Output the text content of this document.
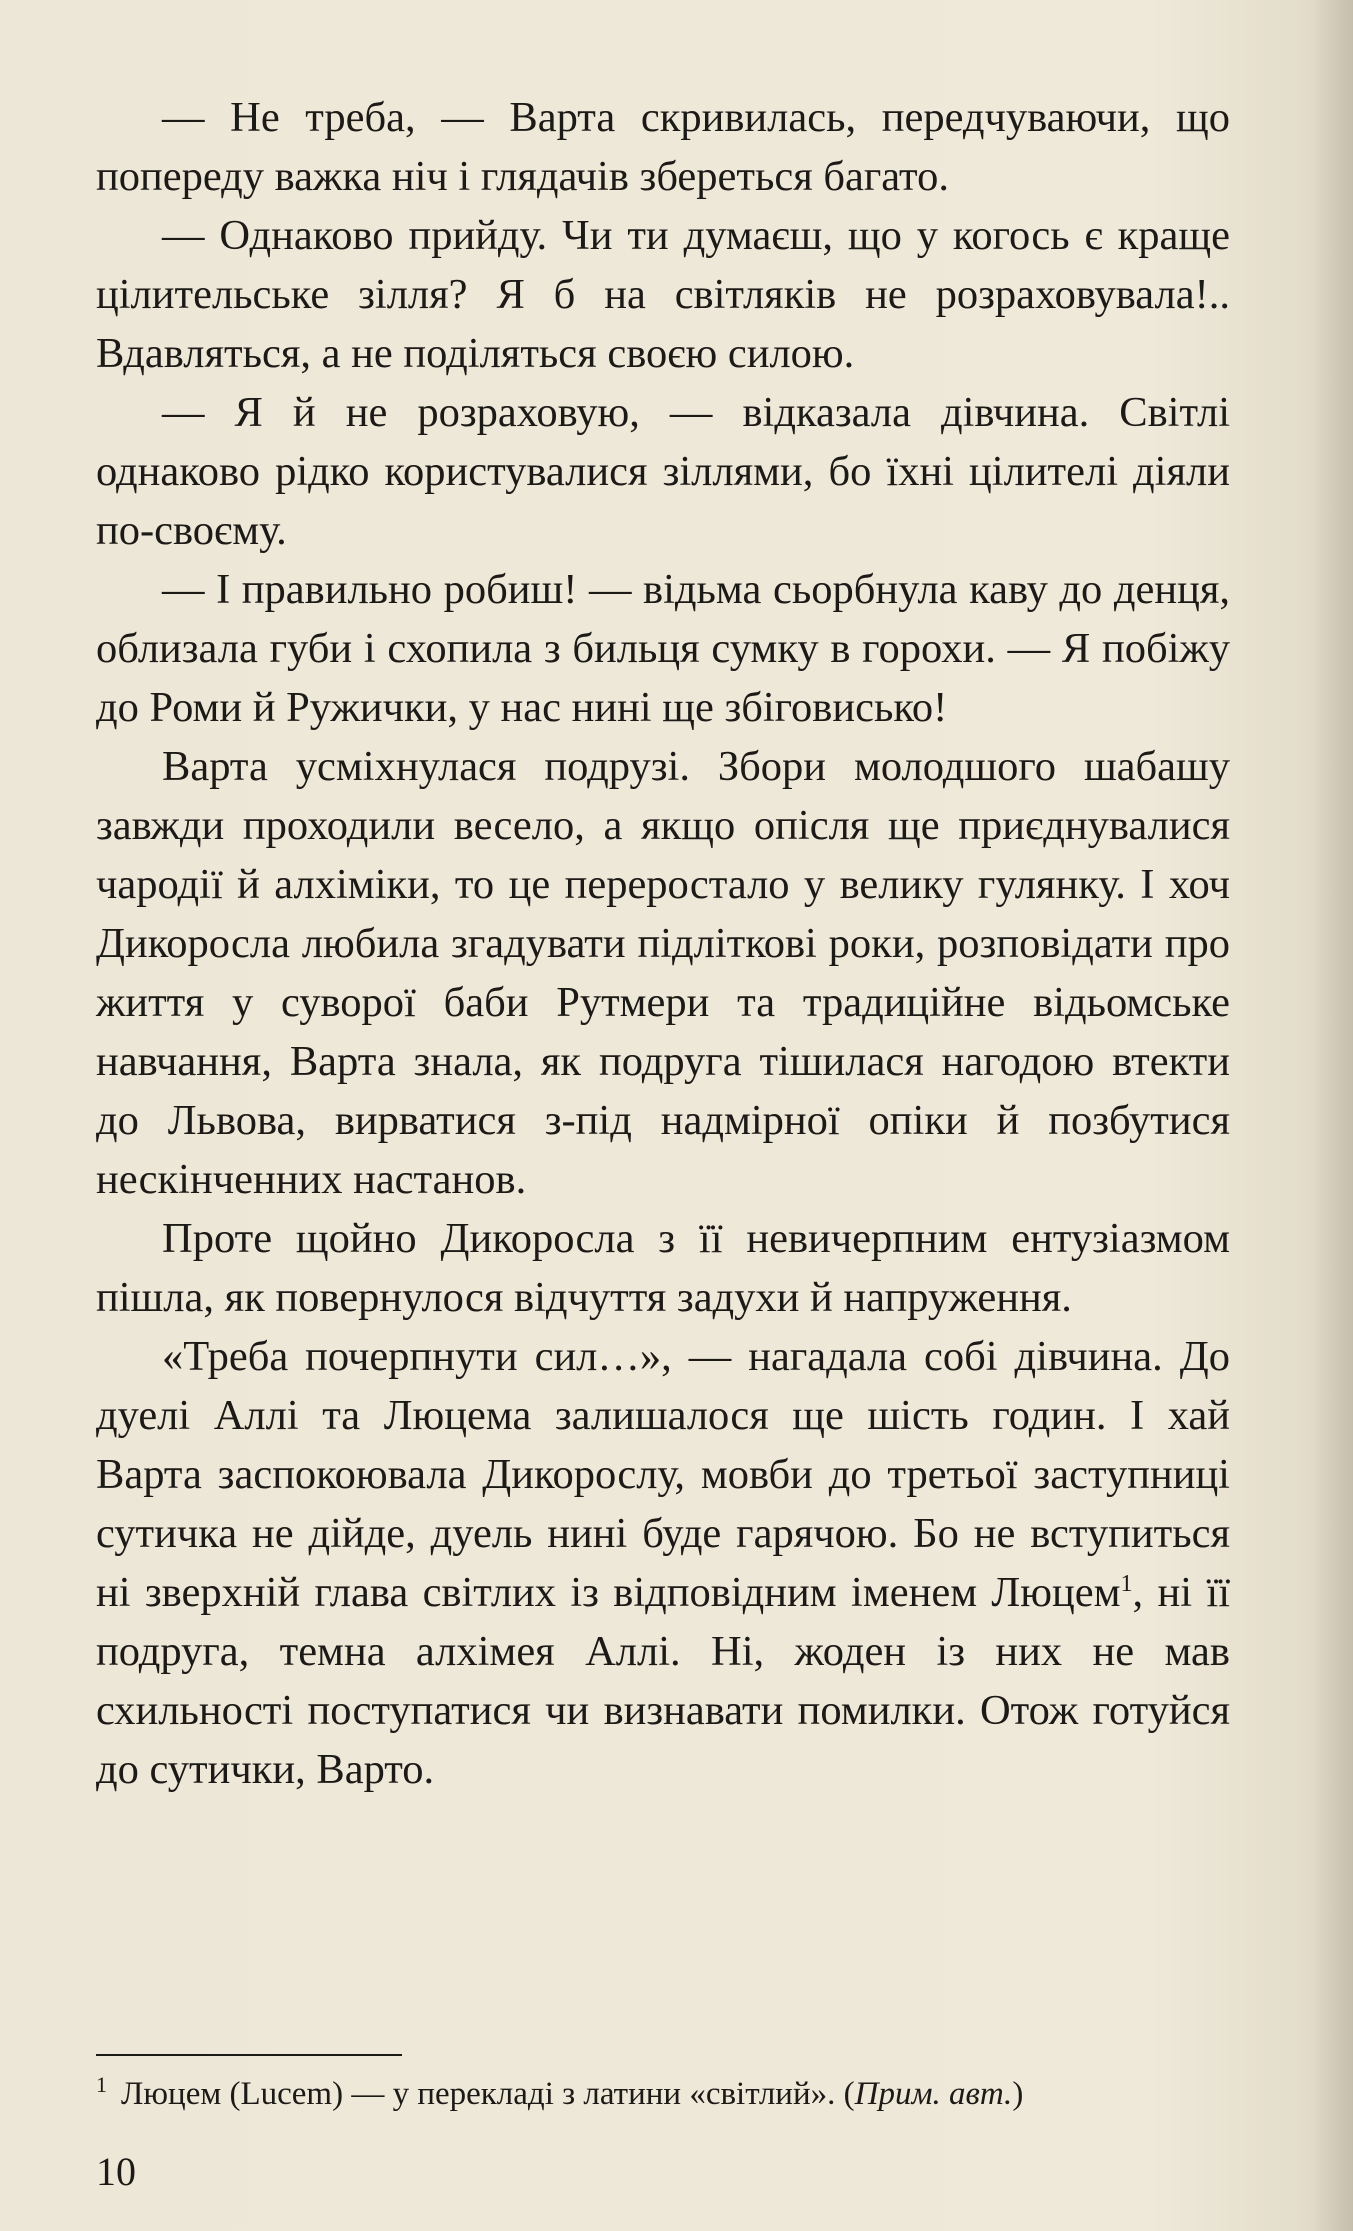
— Не треба, — Варта скривилась, передчуваючи, що попереду важка ніч і глядачів збереться багато.

— Однаково прийду. Чи ти думаєш, що у когось є краще цілительське зілля? Я б на світляків не розраховувала!.. Вдавляться, а не поділяться своєю силою.

— Я й не розраховую, — відказала дівчина. Світлі однаково рідко користувалися зіллями, бо їхні цілителі діяли по-своєму.

— І правильно робиш! — відьма сьорбнула каву до денця, облизала губи і схопила з бильця сумку в горохи. — Я побіжу до Роми й Ружички, у нас нині ще збіговисько!

Варта усміхнулася подрузі. Збори молодшого шабашу завжди проходили весело, а якщо опісля ще приєднувалися чародії й алхіміки, то це переростало у велику гулянку. І хоч Дикоросла любила згадувати підліткові роки, розповідати про життя у суворої баби Рутмери та традиційне відьомське навчання, Варта знала, як подруга тішилася нагодою втекти до Львова, вирватися з-під надмірної опіки й позбутися нескінченних настанов.

Проте щойно Дикоросла з її невичерпним ентузіазмом пішла, як повернулося відчуття задухи й напруження.

«Треба почерпнути сил…», — нагадала собі дівчина. До дуелі Аллі та Люцема залишалося ще шість годин. І хай Варта заспокоювала Дикорослу, мовби до третьої заступниці сутичка не дійде, дуель нині буде гарячою. Бо не вступиться ні зверхній глава світлих із відповідним іменем Люцем$^1$, ні її подруга, темна алхімея Аллі. Ні, жоден із них не мав схильності поступатися чи визнавати помилки. Отож готуйся до сутички, Варто.

$^1$ Люцем (Lucem) — у перекладі з латини «світлий». (Прим. авт.)
10
